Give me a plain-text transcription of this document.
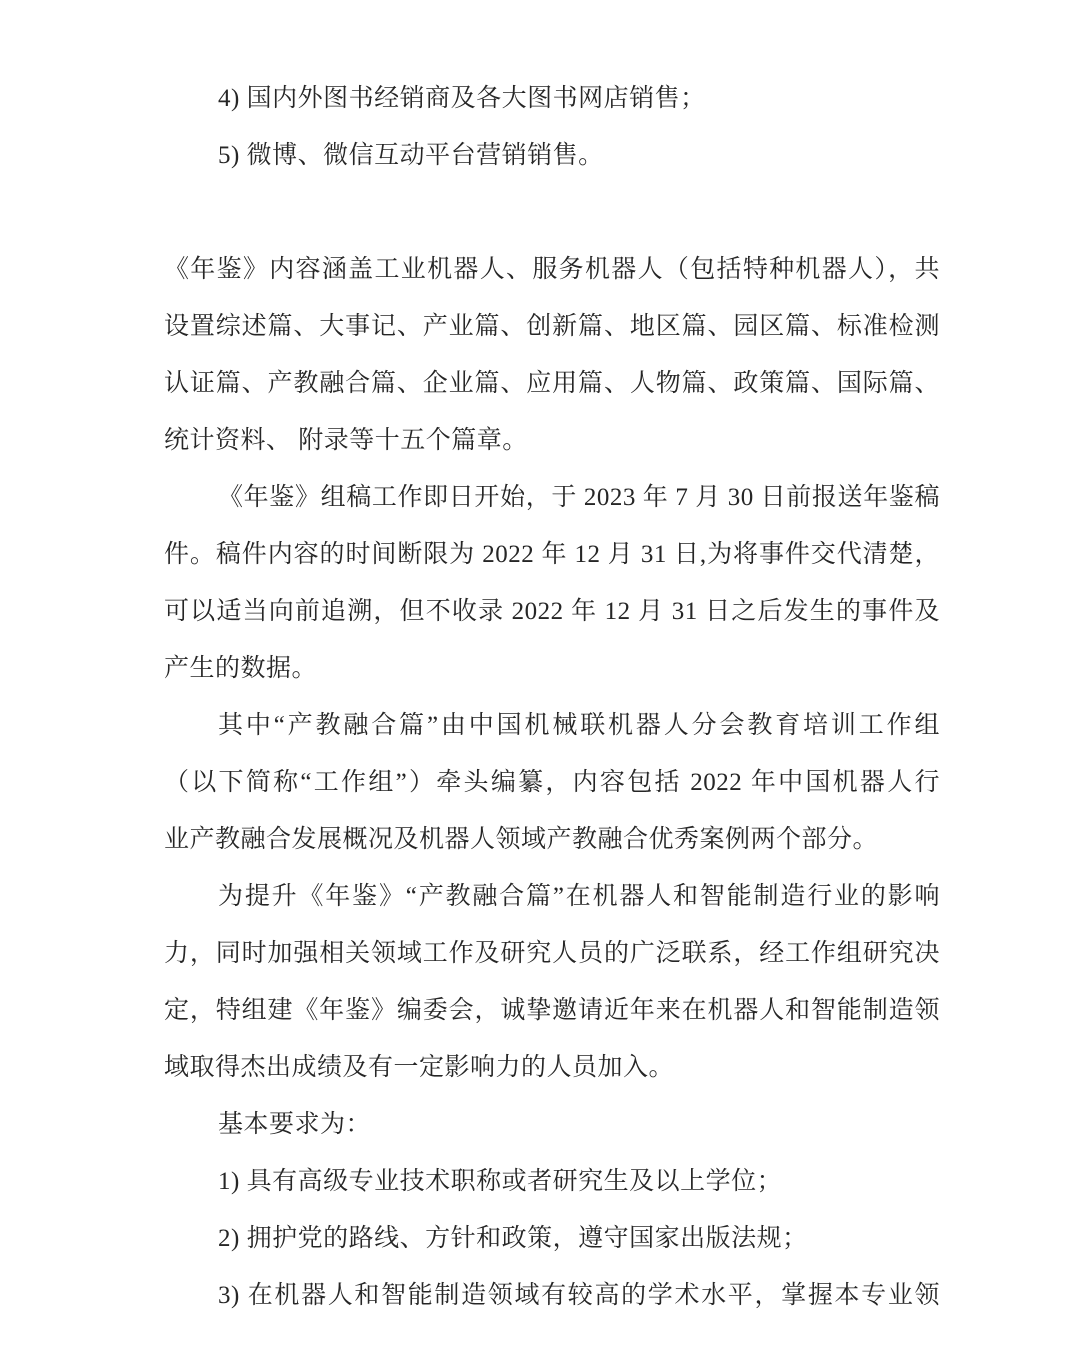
4) 国内外图书经销商及各大图书网店销售；
5) 微博、微信互动平台营销销售。
《年鉴》内容涵盖工业机器人、服务机器人（包括特种机器人），共
设置综述篇、大事记、产业篇、创新篇、地区篇、园区篇、标准检测
认证篇、产教融合篇、企业篇、应用篇、人物篇、政策篇、国际篇、
统计资料、 附录等十五个篇章。
《年鉴》组稿工作即日开始，于 2023 年 7 月 30 日前报送年鉴稿
件。稿件内容的时间断限为 2022 年 12 月 31 日,为将事件交代清楚，
可以适当向前追溯，但不收录 2022 年 12 月 31 日之后发生的事件及
产生的数据。
其中“产教融合篇”由中国机械联机器人分会教育培训工作组
（以下简称“工作组”）牵头编纂，内容包括 2022 年中国机器人行
业产教融合发展概况及机器人领域产教融合优秀案例两个部分。
为提升《年鉴》“产教融合篇”在机器人和智能制造行业的影响
力，同时加强相关领域工作及研究人员的广泛联系，经工作组研究决
定，特组建《年鉴》编委会，诚挚邀请近年来在机器人和智能制造领
域取得杰出成绩及有一定影响力的人员加入。
基本要求为：
1) 具有高级专业技术职称或者研究生及以上学位；
2) 拥护党的路线、方针和政策，遵守国家出版法规；
3) 在机器人和智能制造领域有较高的学术水平，掌握本专业领
